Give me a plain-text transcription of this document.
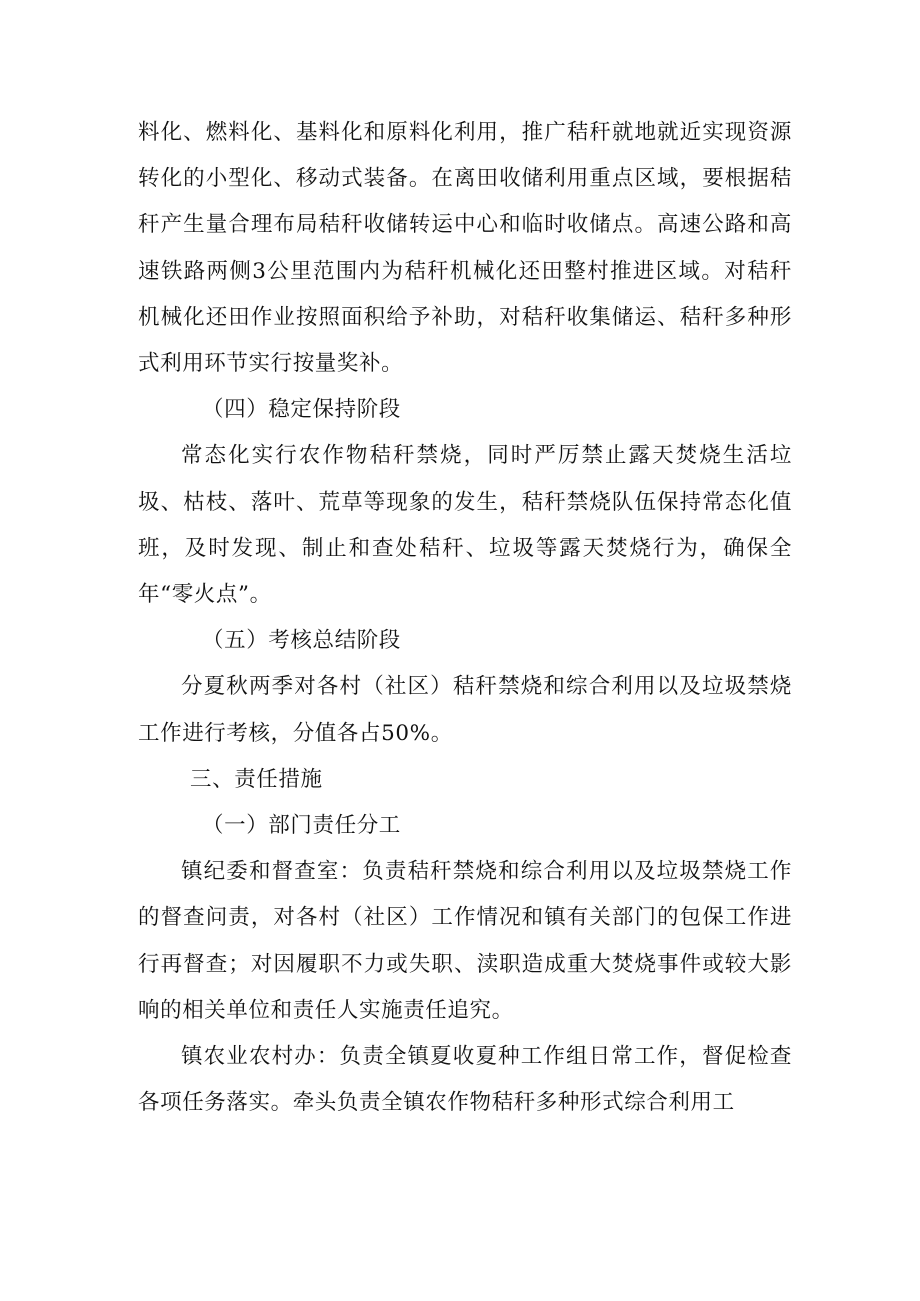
料化、燃料化、基料化和原料化利用，推广秸秆就地就近实现资源转化的小型化、移动式装备。在离田收储利用重点区域，要根据秸秆产生量合理布局秸秆收储转运中心和临时收储点。高速公路和高速铁路两侧3公里范围内为秸秆机械化还田整村推进区域。对秸秆机械化还田作业按照面积给予补助，对秸秆收集储运、秸秆多种形式利用环节实行按量奖补。

（四）稳定保持阶段

常态化实行农作物秸秆禁烧，同时严厉禁止露天焚烧生活垃圾、枯枝、落叶、荒草等现象的发生，秸秆禁烧队伍保持常态化值班，及时发现、制止和查处秸秆、垃圾等露天焚烧行为，确保全年“零火点”。

（五）考核总结阶段

分夏秋两季对各村（社区）秸秆禁烧和综合利用以及垃圾禁烧工作进行考核，分值各占50%。

三、责任措施

（一）部门责任分工

镇纪委和督查室：负责秸秆禁烧和综合利用以及垃圾禁烧工作的督查问责，对各村（社区）工作情况和镇有关部门的包保工作进行再督查；对因履职不力或失职、渎职造成重大焚烧事件或较大影响的相关单位和责任人实施责任追究。

镇农业农村办：负责全镇夏收夏种工作组日常工作，督促检查各项任务落实。牵头负责全镇农作物秸秆多种形式综合利用工
